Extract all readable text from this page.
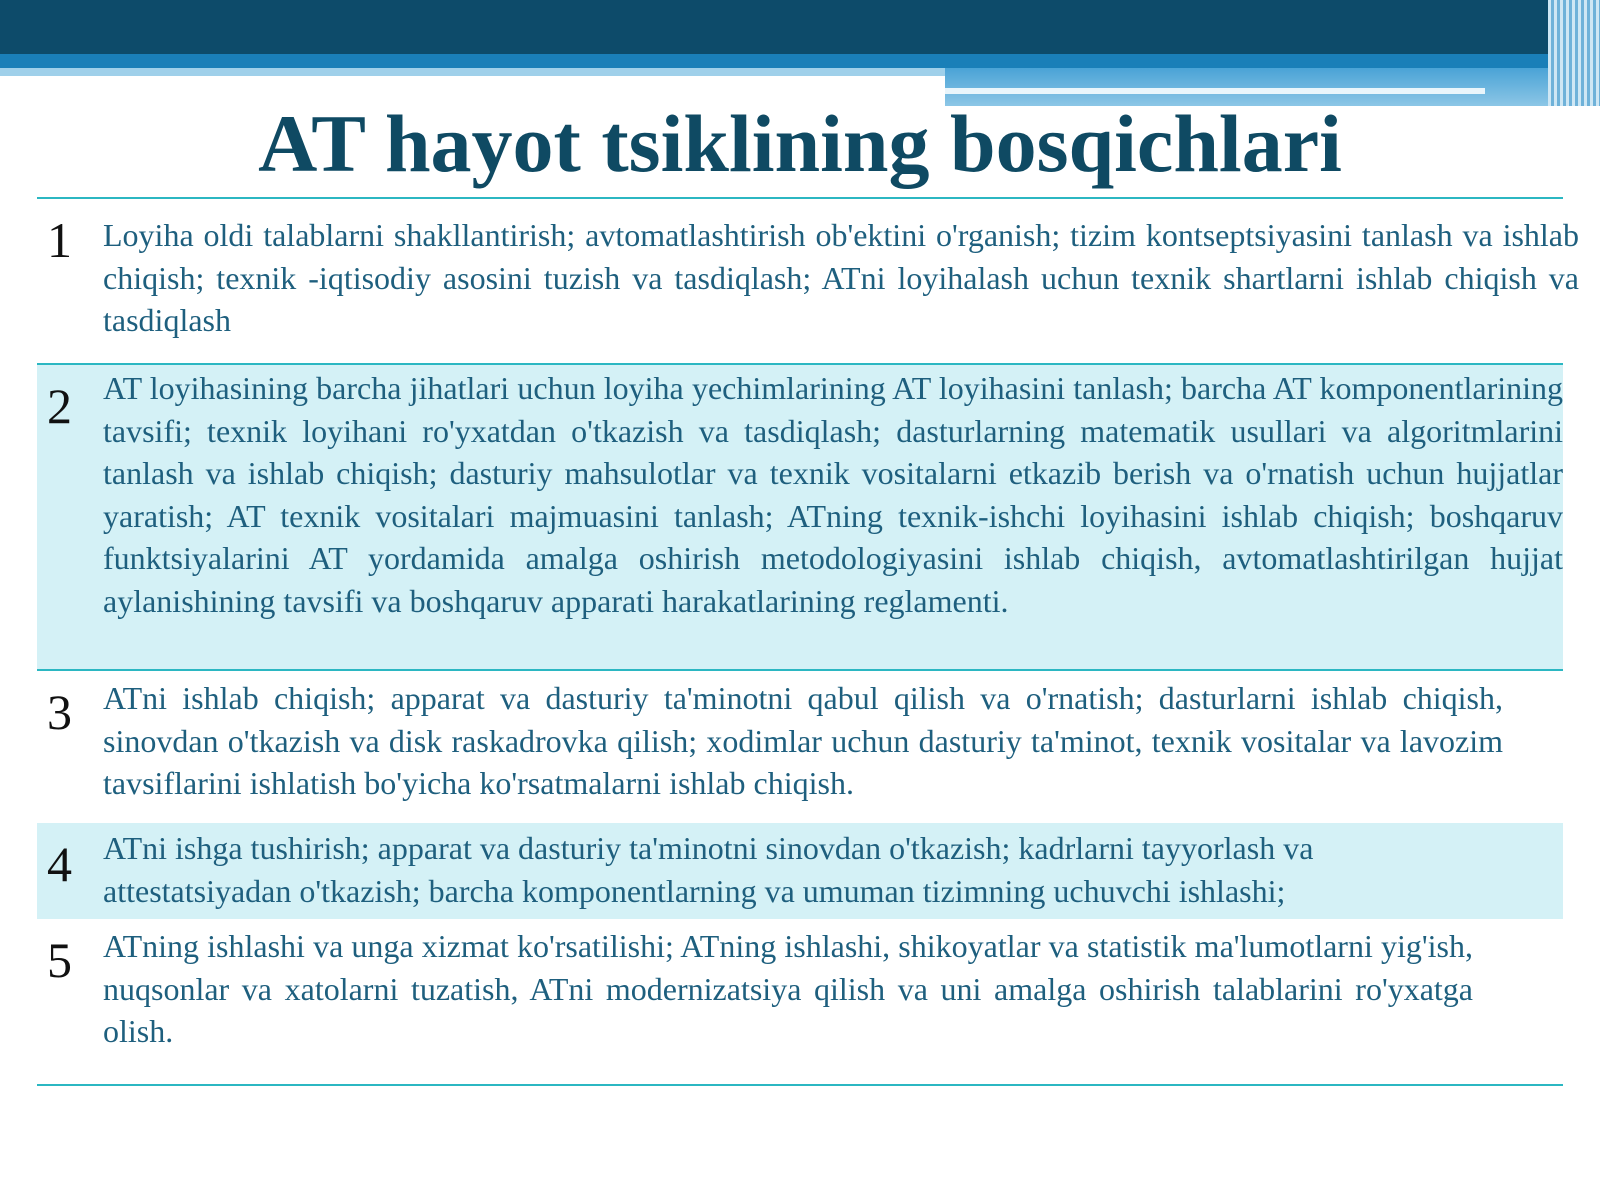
AT hayot tsiklining bosqichlari
1 Loyiha oldi talablarni shakllantirish; avtomatlashtirish ob'ektini o'rganish; tizim kontseptsiyasini tanlash va ishlab chiqish; texnik -iqtisodiy asosini tuzish va tasdiqlash; ATni loyihalash uchun texnik shartlarni ishlab chiqish va tasdiqlash

2 AT loyihasining barcha jihatlari uchun loyiha yechimlarining AT loyihasini tanlash; barcha AT komponentlarining tavsifi; texnik loyihani ro'yxatdan o'tkazish va tasdiqlash; dasturlarning matematik usullari va algoritmlarini tanlash va ishlab chiqish; dasturiy mahsulotlar va texnik vositalarni etkazib berish va o'rnatish uchun hujjatlar yaratish; AT texnik vositalari majmuasini tanlash; ATning texnik-ishchi loyihasini ishlab chiqish; boshqaruv funktsiyalarini AT yordamida amalga oshirish metodologiyasini ishlab chiqish, avtomatlashtirilgan hujjat aylanishining tavsifi va boshqaruv apparati harakatlarining reglamenti.

3 ATni ishlab chiqish; apparat va dasturiy ta'minotni qabul qilish va o'rnatish; dasturlarni ishlab chiqish, sinovdan o'tkazish va disk raskadrovka qilish; xodimlar uchun dasturiy ta'minot, texnik vositalar va lavozim tavsiflarini ishlatish bo'yicha ko'rsatmalarni ishlab chiqish.

4 ATni ishga tushirish; apparat va dasturiy ta'minotni sinovdan o'tkazish; kadrlarni tayyorlash va attestatsiyadan o'tkazish; barcha komponentlarning va umuman tizimning uchuvchi ishlashi;

5 ATning ishlashi va unga xizmat ko'rsatilishi; ATning ishlashi, shikoyatlar va statistik ma'lumotlarni yig'ish, nuqsonlar va xatolarni tuzatish, ATni modernizatsiya qilish va uni amalga oshirish talablarini ro'yxatga olish.
